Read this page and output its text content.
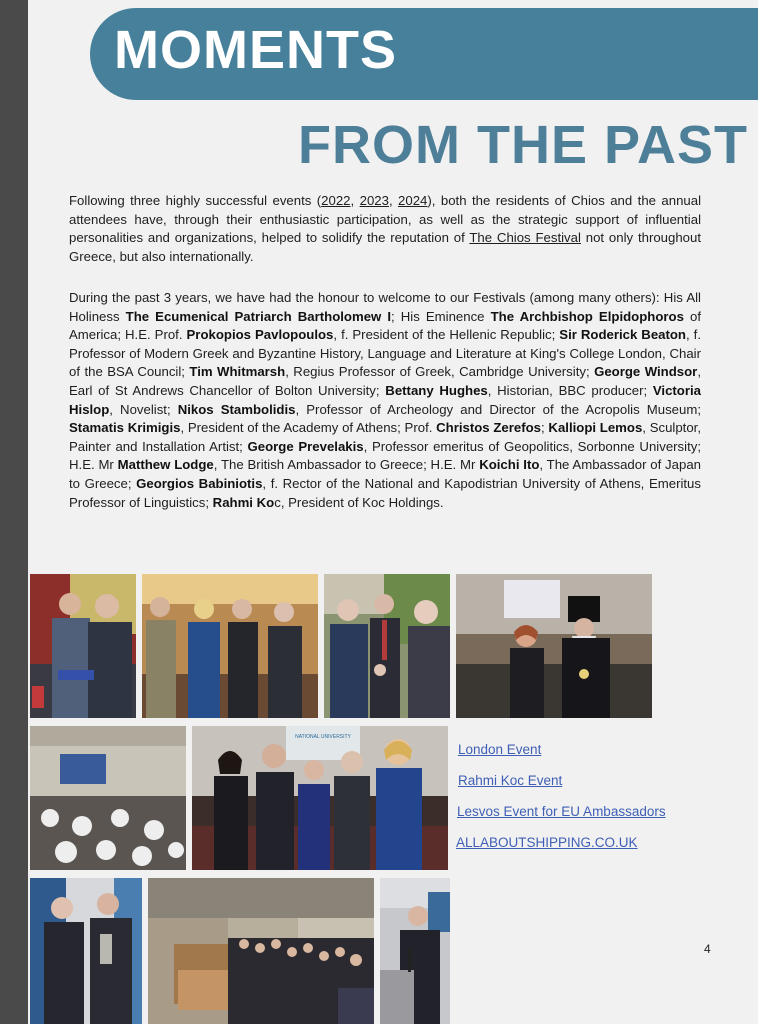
MOMENTS
FROM THE PAST
Following three highly successful events (2022, 2023, 2024), both the residents of Chios and the annual attendees have, through their enthusiastic participation, as well as the strategic support of influential personalities and organizations, helped to solidify the reputation of The Chios Festival not only throughout Greece, but also internationally.
During the past 3 years, we have had the honour to welcome to our Festivals (among many others): His All Holiness The Ecumenical Patriarch Bartholomew I; His Eminence The Archbishop Elpidophoros of America; H.E. Prof. Prokopios Pavlopoulos, f. President of the Hellenic Republic; Sir Roderick Beaton, f. Professor of Modern Greek and Byzantine History, Language and Literature at King's College London, Chair of the BSA Council; Tim Whitmarsh, Regius Professor of Greek, Cambridge University; George Windsor, Earl of St Andrews Chancellor of Bolton University; Bettany Hughes, Historian, BBC producer; Victoria Hislop, Novelist; Nikos Stambolidis, Professor of Archeology and Director of the Acropolis Museum; Stamatis Krimigis, President of the Academy of Athens; Prof. Christos Zerefos; Kalliopi Lemos, Sculptor, Painter and Installation Artist; George Prevelakis, Professor emeritus of Geopolitics, Sorbonne University; H.E. Mr Matthew Lodge, The British Ambassador to Greece; H.E. Mr Koichi Ito, The Ambassador of Japan to Greece; Georgios Babiniotis, f. Rector of the National and Kapodistrian University of Athens, Emeritus Professor of Linguistics; Rahmi Koc, President of Koc Holdings.
NATIONAL UNIVERSITY
London Event
Rahmi Koc Event
Lesvos Event for EU Ambassadors
ALLABOUTSHIPPING.CO.UK
4
